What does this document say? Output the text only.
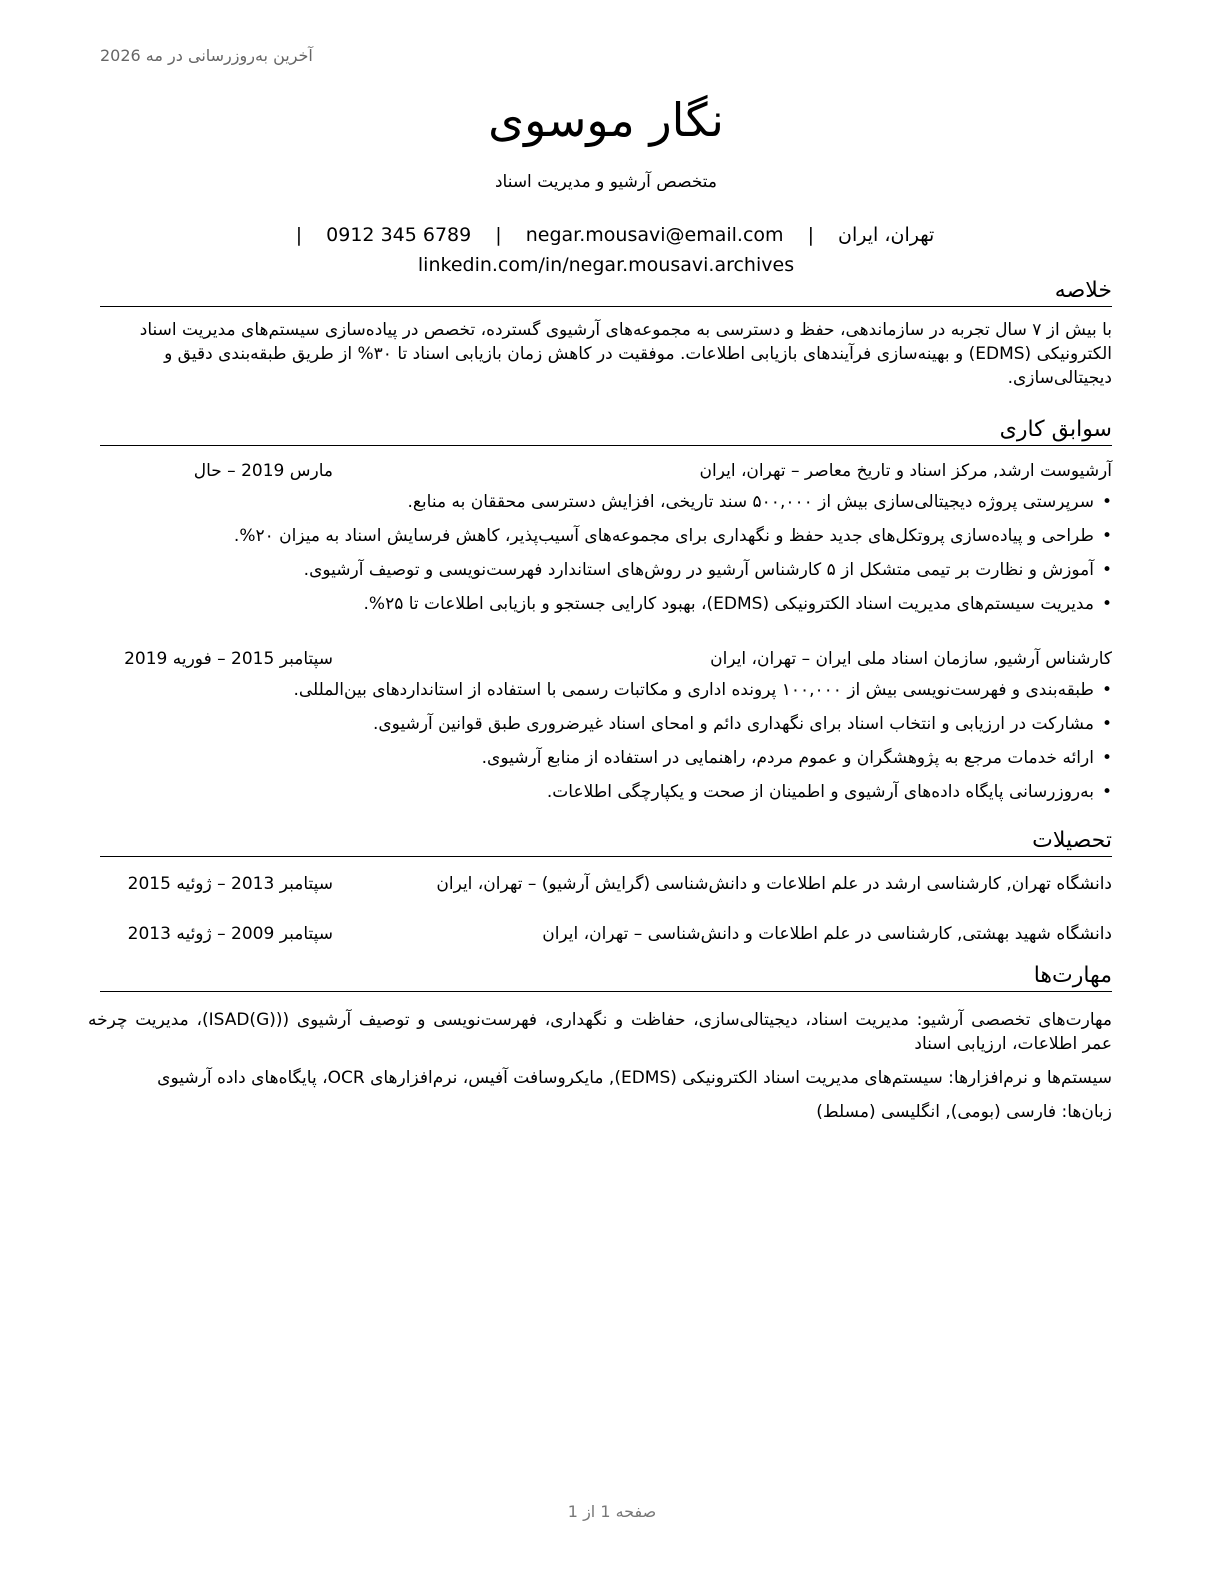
آخرین به‌روزرسانی در مه 2026
نگار موسوی
متخصص آرشیو و مدیریت اسناد
تهران، ایران | negar.mousavi@email.com | 0912 345 6789 | linkedin.com/in/negar.mousavi.archives
خلاصه
با بیش از ۷ سال تجربه در سازماندهی، حفظ و دسترسی به مجموعه‌های آرشیوی گسترده، تخصص در پیاده‌سازی سیستم‌های مدیریت اسناد الکترونیکی (EDMS) و بهینه‌سازی فرآیندهای بازیابی اطلاعات. موفقیت در کاهش زمان بازیابی اسناد تا ۳۰% از طریق طبقه‌بندی دقیق و دیجیتالی‌سازی.
سوابق کاری
آرشیوست ارشد, مرکز اسناد و تاریخ معاصر – تهران، ایران
مارس 2019 – حال
• سرپرستی پروژه دیجیتالی‌سازی بیش از ۵۰۰,۰۰۰ سند تاریخی، افزایش دسترسی محققان به منابع.
• طراحی و پیاده‌سازی پروتکل‌های جدید حفظ و نگهداری برای مجموعه‌های آسیب‌پذیر، کاهش فرسایش اسناد به میزان ۲۰%.
• آموزش و نظارت بر تیمی متشکل از ۵ کارشناس آرشیو در روش‌های استاندارد فهرست‌نویسی و توصیف آرشیوی.
• مدیریت سیستم‌های مدیریت اسناد الکترونیکی (EDMS)، بهبود کارایی جستجو و بازیابی اطلاعات تا ۲۵%.
کارشناس آرشیو, سازمان اسناد ملی ایران – تهران، ایران
سپتامبر 2015 – فوریه 2019
• طبقه‌بندی و فهرست‌نویسی بیش از ۱۰۰,۰۰۰ پرونده اداری و مکاتبات رسمی با استفاده از استانداردهای بین‌المللی.
• مشارکت در ارزیابی و انتخاب اسناد برای نگهداری دائم و امحای اسناد غیرضروری طبق قوانین آرشیوی.
• ارائه خدمات مرجع به پژوهشگران و عموم مردم، راهنمایی در استفاده از منابع آرشیوی.
• به‌روزرسانی پایگاه داده‌های آرشیوی و اطمینان از صحت و یکپارچگی اطلاعات.
تحصیلات
دانشگاه تهران, کارشناسی ارشد در علم اطلاعات و دانش‌شناسی (گرایش آرشیو) – تهران، ایران
سپتامبر 2013 – ژوئیه 2015
دانشگاه شهید بهشتی, کارشناسی در علم اطلاعات و دانش‌شناسی – تهران، ایران
سپتامبر 2009 – ژوئیه 2013
مهارت‌ها

مهارت‌های تخصصی آرشیو: مدیریت اسناد، دیجیتالی‌سازی، حفاظت و نگهداری، فهرست‌نویسی و توصیف آرشیوی ((ISAD(G))، مدیریت چرخه عمر اطلاعات، ارزیابی اسناد

سیستم‌ها و نرم‌افزارها: سیستم‌های مدیریت اسناد الکترونیکی (EDMS), مایکروسافت آفیس، نرم‌افزارهای OCR، پایگاه‌های داده آرشیوی

زبان‌ها: فارسی (بومی), انگلیسی (مسلط)

صفحه 1 از 1
